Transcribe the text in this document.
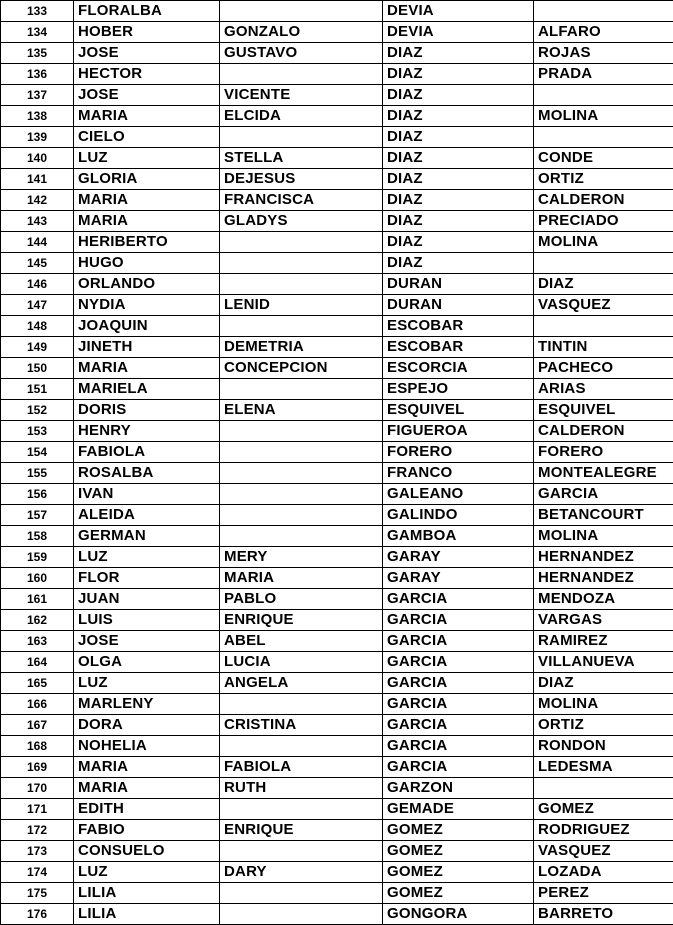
133	FLORALBA		DEVIA	
134	HOBER	GONZALO	DEVIA	ALFARO
135	JOSE	GUSTAVO	DIAZ	ROJAS
136	HECTOR		DIAZ	PRADA
137	JOSE	VICENTE	DIAZ	
138	MARIA	ELCIDA	DIAZ	MOLINA
139	CIELO		DIAZ	
140	LUZ	STELLA	DIAZ	CONDE
141	GLORIA	DEJESUS	DIAZ	ORTIZ
142	MARIA	FRANCISCA	DIAZ	CALDERON
143	MARIA	GLADYS	DIAZ	PRECIADO
144	HERIBERTO		DIAZ	MOLINA
145	HUGO		DIAZ	
146	ORLANDO		DURAN	DIAZ
147	NYDIA	LENID	DURAN	VASQUEZ
148	JOAQUIN		ESCOBAR	
149	JINETH	DEMETRIA	ESCOBAR	TINTIN
150	MARIA	CONCEPCION	ESCORCIA	PACHECO
151	MARIELA		ESPEJO	ARIAS
152	DORIS	ELENA	ESQUIVEL	ESQUIVEL
153	HENRY		FIGUEROA	CALDERON
154	FABIOLA		FORERO	FORERO
155	ROSALBA		FRANCO	MONTEALEGRE
156	IVAN		GALEANO	GARCIA
157	ALEIDA		GALINDO	BETANCOURT
158	GERMAN		GAMBOA	MOLINA
159	LUZ	MERY	GARAY	HERNANDEZ
160	FLOR	MARIA	GARAY	HERNANDEZ
161	JUAN	PABLO	GARCIA	MENDOZA
162	LUIS	ENRIQUE	GARCIA	VARGAS
163	JOSE	ABEL	GARCIA	RAMIREZ
164	OLGA	LUCIA	GARCIA	VILLANUEVA
165	LUZ	ANGELA	GARCIA	DIAZ
166	MARLENY		GARCIA	MOLINA
167	DORA	CRISTINA	GARCIA	ORTIZ
168	NOHELIA		GARCIA	RONDON
169	MARIA	FABIOLA	GARCIA	LEDESMA
170	MARIA	RUTH	GARZON	
171	EDITH		GEMADE	GOMEZ
172	FABIO	ENRIQUE	GOMEZ	RODRIGUEZ
173	CONSUELO		GOMEZ	VASQUEZ
174	LUZ	DARY	GOMEZ	LOZADA
175	LILIA		GOMEZ	PEREZ
176	LILIA		GONGORA	BARRETO
